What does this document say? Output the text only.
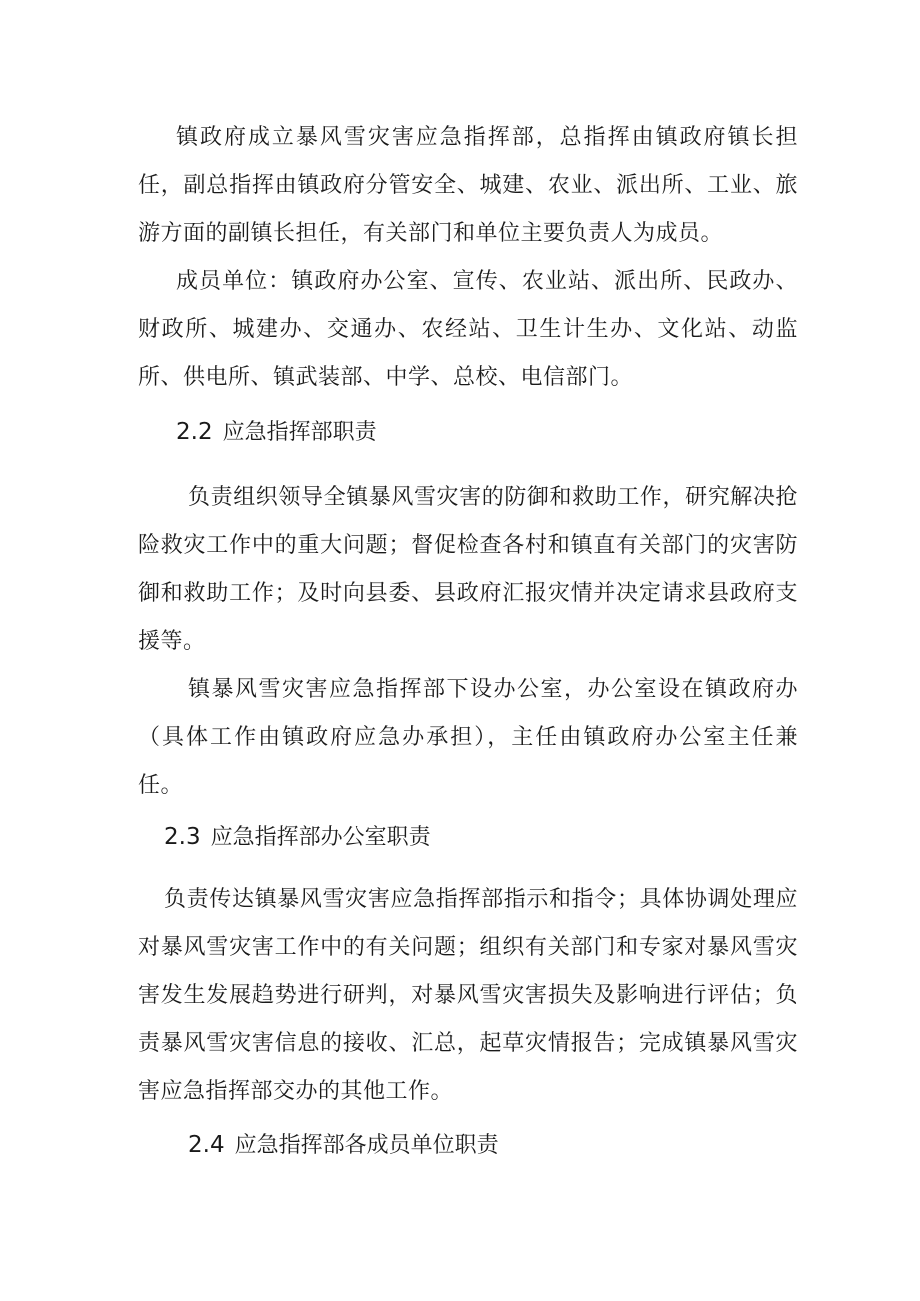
镇政府成立暴风雪灾害应急指挥部，总指挥由镇政府镇长担任，副总指挥由镇政府分管安全、城建、农业、派出所、工业、旅游方面的副镇长担任，有关部门和单位主要负责人为成员。

成员单位：镇政府办公室、宣传、农业站、派出所、民政办、财政所、城建办、交通办、农经站、卫生计生办、文化站、动监所、供电所、镇武装部、中学、总校、电信部门。

2.2 应急指挥部职责

负责组织领导全镇暴风雪灾害的防御和救助工作，研究解决抢险救灾工作中的重大问题；督促检查各村和镇直有关部门的灾害防御和救助工作；及时向县委、县政府汇报灾情并决定请求县政府支援等。

镇暴风雪灾害应急指挥部下设办公室，办公室设在镇政府办（具体工作由镇政府应急办承担），主任由镇政府办公室主任兼任。

2.3 应急指挥部办公室职责

负责传达镇暴风雪灾害应急指挥部指示和指令；具体协调处理应对暴风雪灾害工作中的有关问题；组织有关部门和专家对暴风雪灾害发生发展趋势进行研判，对暴风雪灾害损失及影响进行评估；负责暴风雪灾害信息的接收、汇总，起草灾情报告；完成镇暴风雪灾害应急指挥部交办的其他工作。

2.4 应急指挥部各成员单位职责
